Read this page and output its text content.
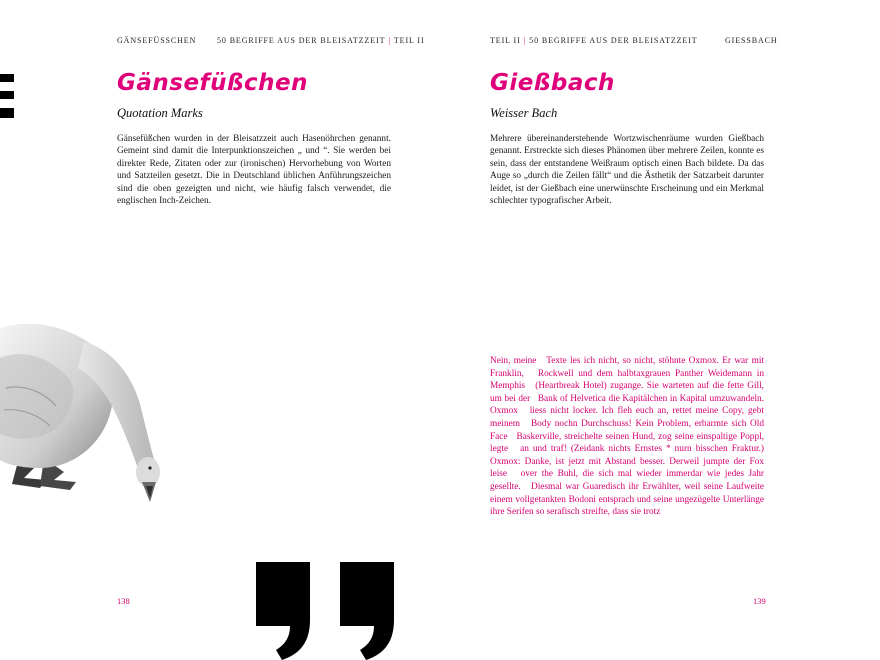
GÄNSEFÜSSCHEN	50 BEGRIFFE AUS DER BLEISATZZEIT | TEIL II
Gänsefüßchen

Quotation Marks

Gänsefüßchen wurden in der Bleisatzzeit auch Hasenöhrchen genannt. Gemeint sind damit die Interpunktionszeichen „ und “. Sie werden bei direkter Rede, Zitaten oder zur (ironischen) Hervorhebung von Worten und Satzteilen gesetzt. Die in Deutschland üblichen Anführungszeichen sind die oben gezeigten und nicht, wie häufig falsch verwendet, die englischen Inch-Zeichen.

138
TEIL II | 50 BEGRIFFE AUS DER BLEISATZZEIT	GIESSBACH
Gießbach

Weisser Bach

Mehrere übereinanderstehende Wortzwischenräume wurden Gießbach genannt. Erstreckte sich dieses Phänomen über mehrere Zeilen, konnte es sein, dass der entstandene Weißraum optisch einen Bach bildete. Da das Auge so „durch die Zeilen fällt“ und die Ästhetik der Satzarbeit darunter leidet, ist der Gießbach eine unerwünschte Erscheinung und ein Merkmal schlechter typografischer Arbeit.

Nein, meine   Texte les ich nicht, so nicht, stöhnte Oxmox. Er war mit Franklin,   Rockwell und dem halbtaxgrauen Panther Weidemann in Memphis   (Heartbreak Hotel) zugange. Sie warteten auf die fette Gill, um bei der   Bank of Helvetica die Kapitälchen in Kapital umzuwandeln. Oxmox   liess nicht locker. Ich fleh euch an, rettet meine Copy, gebt meinem   Body nochn Durchschuss! Kein Problem, erbarmte sich Old Face   Baskerville, streichelte seinen Hund, zog seine einspaltige Poppl, legte   an und traf! (Zeidank nichts Ernstes * nurn bisschen Fraktur.)   Oxmox: Danke, ist jetzt mit Abstand besser. Derweil jumpte der Fox leise   over the Buhl, die sich mal wieder immerdar wie jedes Jahr gesellte.   Diesmal war Guaredisch ihr Erwählter, weil seine Laufweite   einem vollgetankten Bodoni entsprach und seine ungezügelte Unterlänge   ihre Serifen so serafisch streifte, dass sie trotz

139
